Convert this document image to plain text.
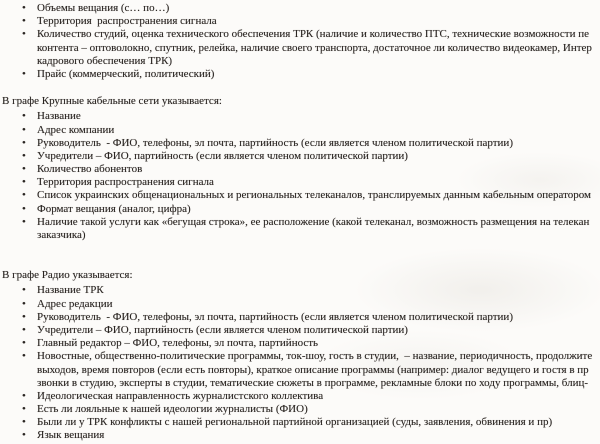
• Объемы вещания (с… по…)
• Территория  распространения сигнала
• Количество студий, оценка технического обеспечения ТРК (наличие и количество ПТС, технические возможности пе
контента – оптоволокно, спутник, релейка, наличие своего транспорта, достаточное ли количество видеокамер, Интер
кадрового обеспечения ТРК)
• Прайс (коммерческий, политический)
В графе Крупные кабельные сети указывается:
• Название
• Адрес компании
• Руководитель  - ФИО, телефоны, эл почта, партийность (если является членом политической партии)
• Учредители – ФИО, партийность (если является членом политической партии)
• Количество абонентов
• Территория распространения сигнала
• Список украинских общенациональных и региональных телеканалов, транслируемых данным кабельным оператором
• Формат вещания (аналог, цифра)
• Наличие такой услуги как «бегущая строка», ее расположение (какой телеканал, возможность размещения на телекан
заказчика)
В графе Радио указывается:
• Название ТРК
• Адрес редакции
• Руководитель  - ФИО, телефоны, эл почта, партийность (если является членом политической партии)
• Учредители – ФИО, партийность (если является членом политической партии)
• Главный редактор – ФИО, телефоны, эл почта, партийность
• Новостные, общественно-политические программы, ток-шоу, гость в студии,  – название, периодичность, продолжите
выходов, время повторов (если есть повторы), краткое описание программы (например: диалог ведущего и гостя в пр
звонки в студию, эксперты в студии, тематические сюжеты в программе, рекламные блоки по ходу программы, блиц-
• Идеологическая направленность журналистского коллектива
• Есть ли лояльные к нашей идеологии журналисты (ФИО)
• Были ли у ТРК конфликты с нашей региональной партийной организацией (суды, заявления, обвинения и пр)
• Язык вещания
